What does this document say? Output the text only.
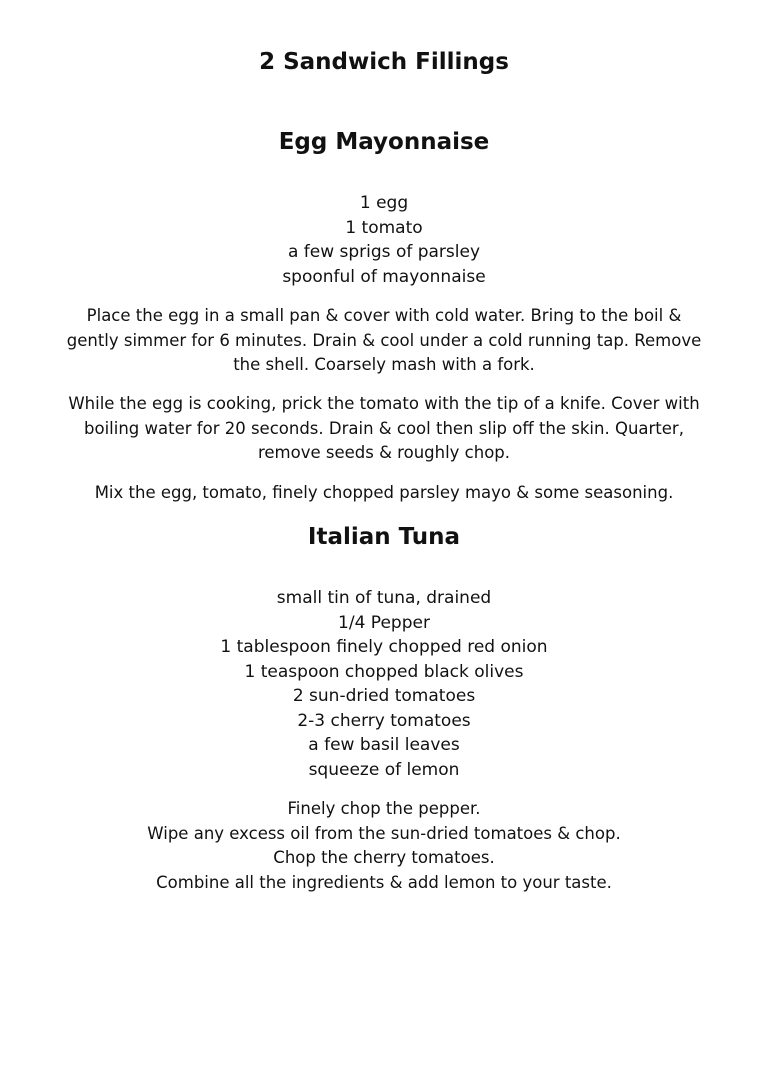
2 Sandwich Fillings
Egg Mayonnaise
1 egg
1 tomato
a few sprigs of parsley
spoonful of mayonnaise

Place the egg in a small pan & cover with cold water. Bring to the boil & gently simmer for 6 minutes. Drain & cool under a cold running tap. Remove the shell. Coarsely mash with a fork.

While the egg is cooking, prick the tomato with the tip of a knife. Cover with boiling water for 20 seconds. Drain & cool then slip off the skin. Quarter, remove seeds & roughly chop.

Mix the egg, tomato, finely chopped parsley mayo & some seasoning.

Italian Tuna
small tin of tuna, drained
1/4 Pepper
1 tablespoon finely chopped red onion
1 teaspoon chopped black olives
2 sun-dried tomatoes
2-3 cherry tomatoes
a few basil leaves
squeeze of lemon
Finely chop the pepper.
Wipe any excess oil from the sun-dried tomatoes & chop.
Chop the cherry tomatoes.
Combine all the ingredients & add lemon to your taste.
